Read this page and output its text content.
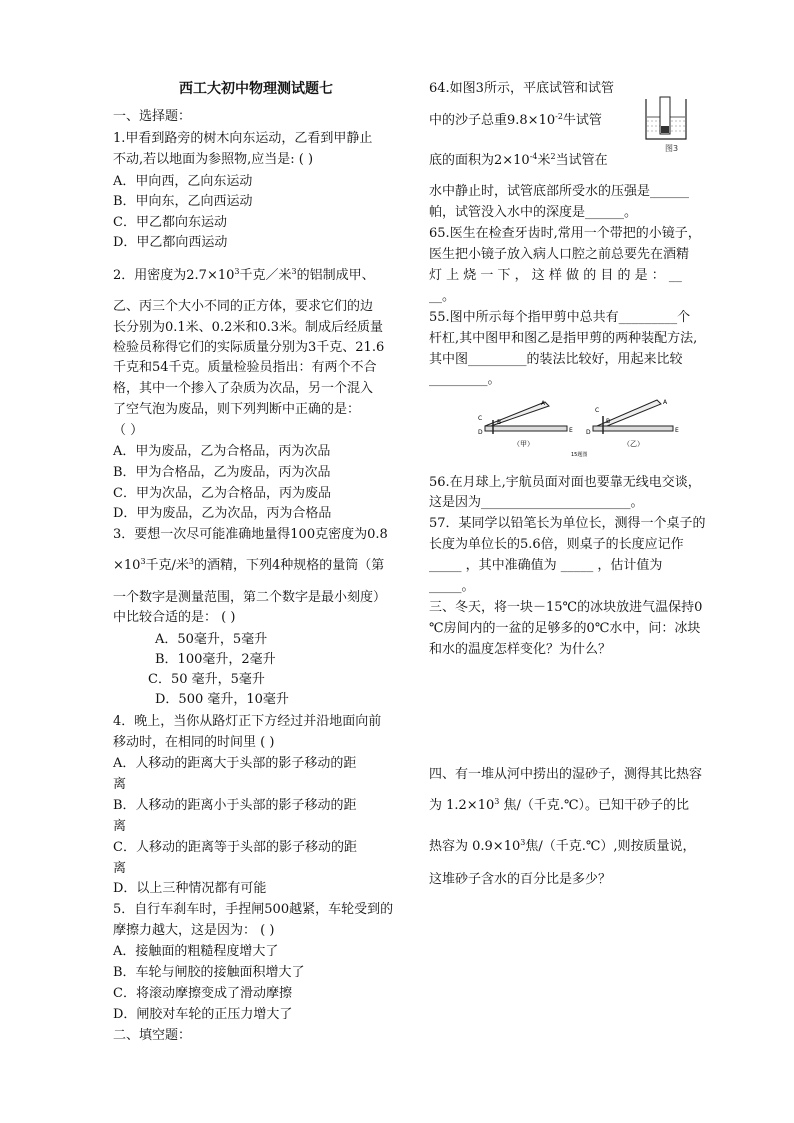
西工大初中物理测试题七
一、选择题：
1.甲看到路旁的树木向东运动，乙看到甲静止
不动,若以地面为参照物,应当是: ( )
A．甲向西，乙向东运动
B．甲向东，乙向西运动
C．甲乙都向东运动
D．甲乙都向西运动
2．用密度为$2.7\times 10^3$千克／米$^3$的铝制成甲、
乙、丙三个大小不同的正方体，要求它们的边
长分别为0.1米、0.2米和0.3米。制成后经质量
检验员称得它们的实际质量分别为3千克、21.6
千克和54千克。质量检验员指出：有两个不合
格，其中一个掺入了杂质为次品，另一个混入
了空气泡为废品，则下列判断中正确的是：
（ ）
A．甲为废品，乙为合格品，丙为次品
B．甲为合格品，乙为废品，丙为次品
C．甲为次品，乙为合格品，丙为废品
D．甲为废品，乙为次品，丙为合格品
3．要想一次尽可能准确地量得100克密度为0.8
$\times 10^3$千克/米$^3$的酒精，下列4种规格的量筒（第
一个数字是测量范围，第二个数字是最小刻度）
中比较合适的是： ( )
A．50毫升，5毫升
B．100毫升，2毫升
C．50 毫升，5毫升
D．500 毫升，10毫升
4．晚上，当你从路灯正下方经过并沿地面向前
移动时，在相同的时间里 ( )
A．人移动的距离大于头部的影子移动的距
离
B．人移动的距离小于头部的影子移动的距
离
C．人移动的距离等于头部的影子移动的距
离
D．以上三种情况都有可能
5．自行车刹车时，手捏闸500越紧，车轮受到的
摩擦力越大，这是因为： ( )
A．接触面的粗糙程度增大了
B．车轮与闸胶的接触面积增大了
C．将滚动摩擦变成了滑动摩擦
D．闸胶对车轮的正压力增大了
二、填空题：
64.如图3所示，平底试管和试管
中的沙子总重$9.8\times 10^{-2}$牛试管
底的面积为$2\times 10^{-4}$米$^2$当试管在
水中静止时，试管底部所受水的压强是______
帕，试管没入水中的深度是______。
图3
65.医生在检查牙齿时,常用一个带把的小镜子，
医生把小镜子放入病人口腔之前总要先在酒精
灯 上 烧 一 下 ， 这 样 做 的 目 的 是 ： __
__。
55.图中所示每个指甲剪中总共有_________个
杆杠,其中图甲和图乙是指甲剪的两种装配方法,
其中图_________的装法比较好，用起来比较
_________。
A
C
B
D	E
（甲）
C
A
B
D	E
（乙）
15题图
56.在月球上,宇航员面对面也要靠无线电交谈，
这是因为_______________________。
57．某同学以铅笔长为单位长，测得一个桌子的
长度为单位长的5.6倍，则桌子的长度应记作
_____ ，其中准确值为 _____ ，估计值为
_____。
三、冬天，将一块－15℃的冰块放进气温保持0
℃房间内的一盆的足够多的0℃水中，问：冰块
和水的温度怎样变化？为什么？
四、有一堆从河中捞出的湿砂子，测得其比热容
为 $1.2\times 10^3$ 焦/（千克.℃）。已知干砂子的比
热容为 $0.9\times 10^3$焦/（千克.℃）,则按质量说，
这堆砂子含水的百分比是多少？
